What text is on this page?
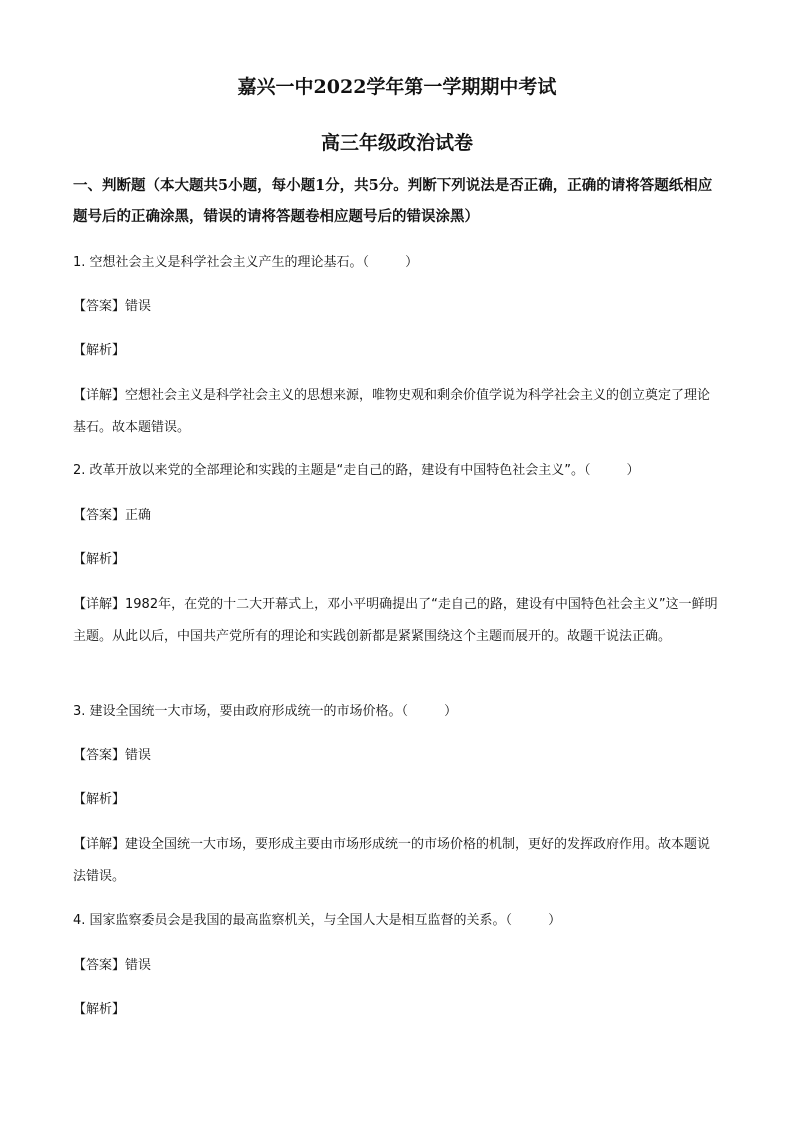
嘉兴一中2022学年第一学期期中考试
高三年级政治试卷
一、判断题（本大题共5小题，每小题1分，共5分。判断下列说法是否正确，正确的请将答题纸相应题号后的正确涂黑，错误的请将答题卷相应题号后的错误涂黑）
1. 空想社会主义是科学社会主义产生的理论基石。（	）
【答案】错误
【解析】
【详解】空想社会主义是科学社会主义的思想来源，唯物史观和剩余价值学说为科学社会主义的创立奠定了理论基石。故本题错误。
2. 改革开放以来党的全部理论和实践的主题是“走自己的路，建设有中国特色社会主义”。（	）
【答案】正确
【解析】
【详解】1982年，在党的十二大开幕式上，邓小平明确提出了“走自己的路，建设有中国特色社会主义”这一鲜明主题。从此以后，中国共产党所有的理论和实践创新都是紧紧围绕这个主题而展开的。故题干说法正确。
3. 建设全国统一大市场，要由政府形成统一的市场价格。（	）
【答案】错误
【解析】
【详解】建设全国统一大市场，要形成主要由市场形成统一的市场价格的机制，更好的发挥政府作用。故本题说法错误。
4. 国家监察委员会是我国的最高监察机关，与全国人大是相互监督的关系。（	）
【答案】错误
【解析】
